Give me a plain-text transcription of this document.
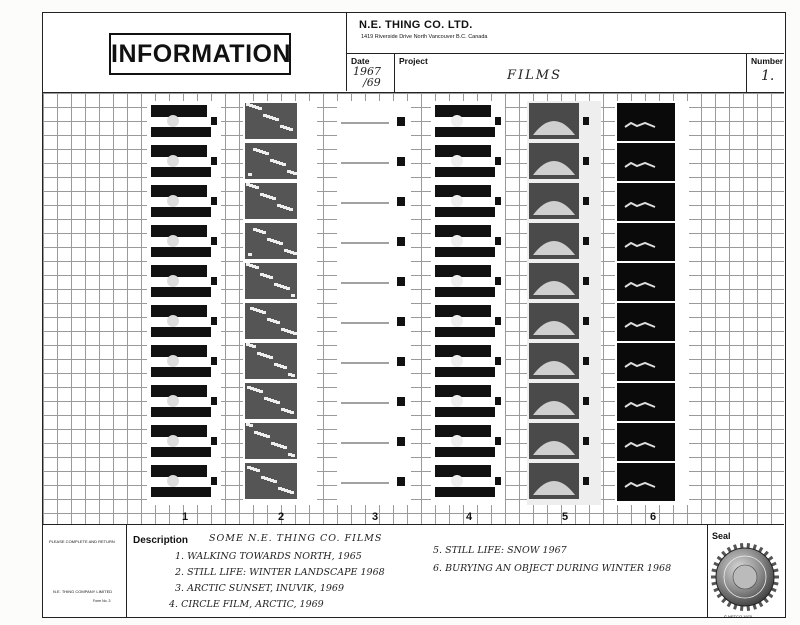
INFORMATION
N.E. THING CO. LTD.
1419 Riverside Drive North Vancouver B.C. Canada
Date
1967
/69
Project
FILMS
Number
1.
1	2	3	4	5	6
PLEASE COMPLETE AND RETURN
N.E. THING COMPANY LIMITED
Form No. 3
Description SOME N.E. THING CO. FILMS
1. WALKING TOWARDS NORTH, 1965
2. STILL LIFE: WINTER LANDSCAPE 1968
3. ARCTIC SUNSET, INUVIK, 1969
4. CIRCLE FILM, ARCTIC, 1969
5. STILL LIFE: SNOW 1967
6. BURYING AN OBJECT DURING WINTER 1968
Seal
© NETCO 1970
